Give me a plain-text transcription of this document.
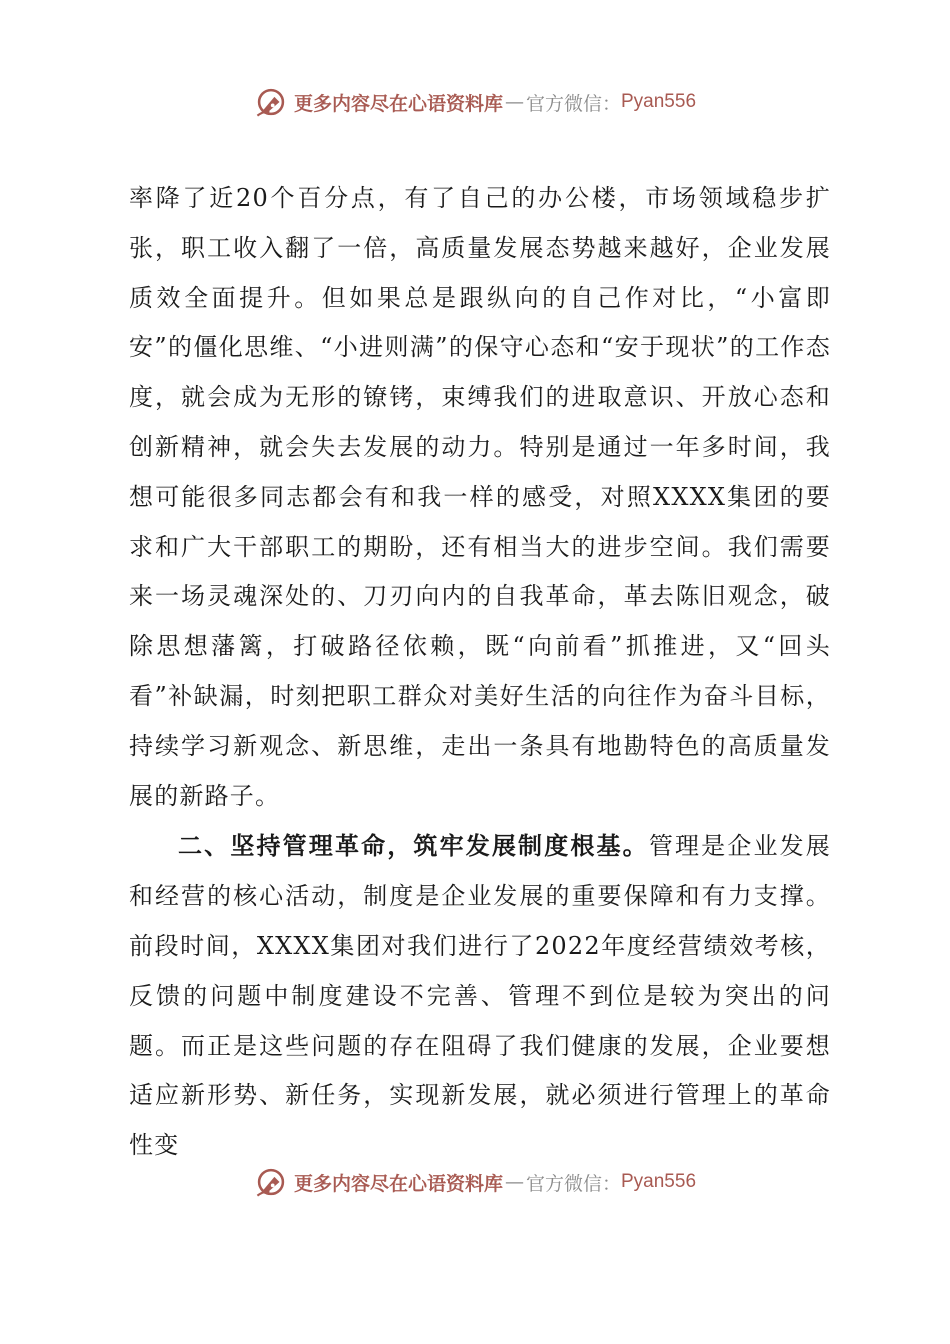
更多内容尽在心语资料库 — 官方微信： Pyan556

率降了近20个百分点，有了自己的办公楼，市场领域稳步扩张，职工收入翻了一倍，高质量发展态势越来越好，企业发展质效全面提升。但如果总是跟纵向的自己作对比，“小富即安”的僵化思维、“小进则满”的保守心态和“安于现状”的工作态度，就会成为无形的镣铐，束缚我们的进取意识、开放心态和创新精神，就会失去发展的动力。特别是通过一年多时间，我想可能很多同志都会有和我一样的感受，对照XXXX集团的要求和广大干部职工的期盼，还有相当大的进步空间。我们需要来一场灵魂深处的、刀刃向内的自我革命，革去陈旧观念，破除思想藩篱，打破路径依赖，既“向前看”抓推进，又“回头看”补缺漏，时刻把职工群众对美好生活的向往作为奋斗目标，持续学习新观念、新思维，走出一条具有地勘特色的高质量发展的新路子。

二、坚持管理革命，筑牢发展制度根基。管理是企业发展和经营的核心活动，制度是企业发展的重要保障和有力支撑。前段时间，XXXX集团对我们进行了2022年度经营绩效考核，反馈的问题中制度建设不完善、管理不到位是较为突出的问题。而正是这些问题的存在阻碍了我们健康的发展，企业要想适应新形势、新任务，实现新发展，就必须进行管理上的革命性变

更多内容尽在心语资料库 — 官方微信： Pyan556
